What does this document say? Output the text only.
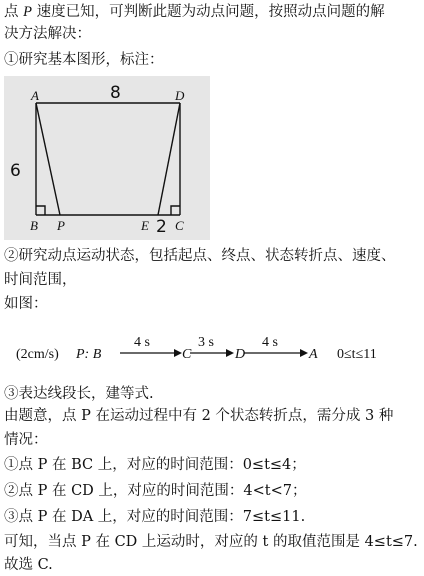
点 P 速度已知，可判断此题为动点问题，按照动点问题的解
决方法解决：
①研究基本图形，标注：
A	D
B P	E C
8
6
2
②研究动点运动状态，包括起点、终点、状态转折点、速度、
时间范围，
如图：
(2cm/s) P: B
4 s
C
3 s
D
4 s
A 0≤t≤11
③表达线段长，建等式.
由题意，点 P 在运动过程中有 2 个状态转折点，需分成 3 种
情况：
①点 P 在 BC 上，对应的时间范围：0≤t≤4；
②点 P 在 CD 上，对应的时间范围：4<t<7；
③点 P 在 DA 上，对应的时间范围：7≤t≤11.
可知，当点 P 在 CD 上运动时，对应的 t 的取值范围是 4≤t≤7.
故选 C.
